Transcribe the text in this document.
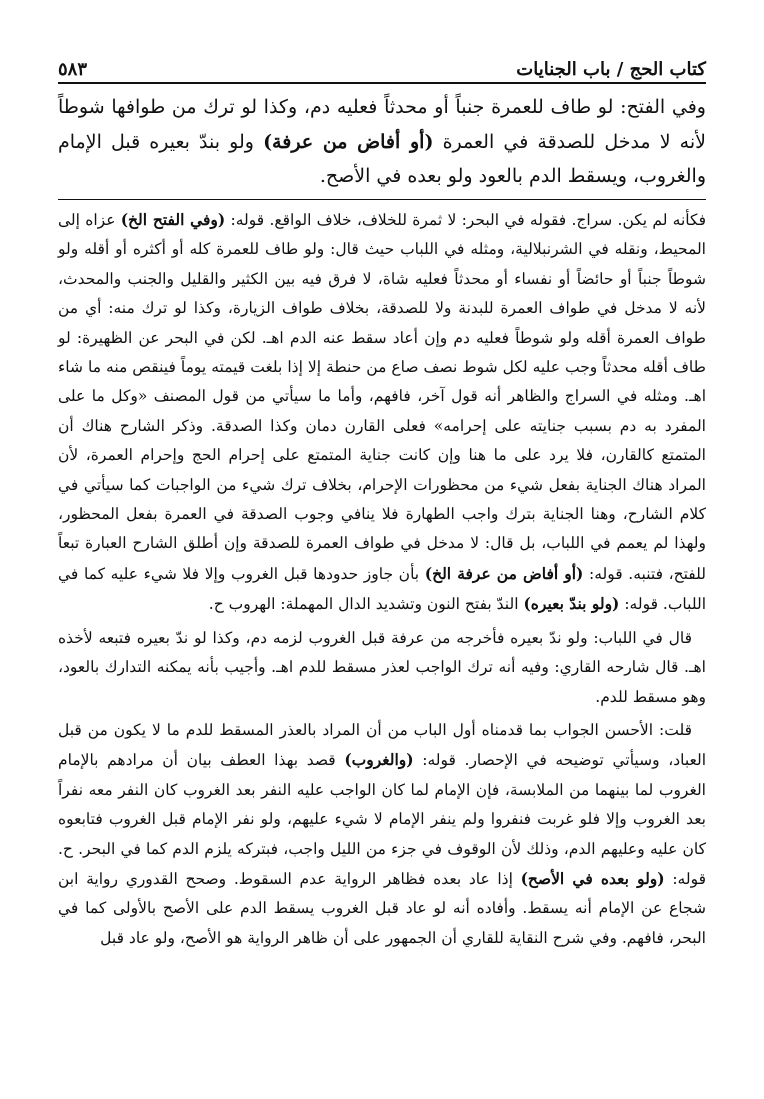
كتاب الحج / باب الجنايات
٥٨٣

وفي الفتح: لو طاف للعمرة جنباً أو محدثاً فعليه دم، وكذا لو ترك من طوافها شوطاً لأنه لا مدخل للصدقة في العمرة (أو أفاض من عرفة) ولو بندّ بعيره قبل الإمام والغروب، ويسقط الدم بالعود ولو بعده في الأصح.

فكأنه لم يكن. سراج. فقوله في البحر: لا ثمرة للخلاف، خلاف الواقع. قوله: (وفي الفتح الخ) عزاه إلى المحيط، ونقله في الشرنبلالية، ومثله في اللباب حيث قال: ولو طاف للعمرة كله أو أكثره أو أقله ولو شوطاً جنباً أو حائضاً أو نفساء أو محدثاً فعليه شاة، لا فرق فيه بين الكثير والقليل والجنب والمحدث، لأنه لا مدخل في طواف العمرة للبدنة ولا للصدقة، بخلاف طواف الزيارة، وكذا لو ترك منه: أي من طواف العمرة أقله ولو شوطاً فعليه دم وإن أعاد سقط عنه الدم اهـ. لكن في البحر عن الظهيرة: لو طاف أقله محدثاً وجب عليه لكل شوط نصف صاع من حنطة إلا إذا بلغت قيمته يوماً فينقص منه ما شاء اهـ. ومثله في السراج والظاهر أنه قول آخر، فافهم، وأما ما سيأتي من قول المصنف «وكل ما على المفرد به دم بسبب جنايته على إحرامه» فعلى القارن دمان وكذا الصدقة. وذكر الشارح هناك أن المتمتع كالقارن، فلا يرد على ما هنا وإن كانت جناية المتمتع على إحرام الحج وإحرام العمرة، لأن المراد هناك الجناية بفعل شيء من محظورات الإحرام، بخلاف ترك شيء من الواجبات كما سيأتي في كلام الشارح، وهنا الجناية بترك واجب الطهارة فلا ينافي وجوب الصدقة في العمرة بفعل المحظور، ولهذا لم يعمم في اللباب، بل قال: لا مدخل في طواف العمرة للصدقة وإن أطلق الشارح العبارة تبعاً للفتح، فتنبه. قوله: (أو أفاض من عرفة الخ) بأن جاوز حدودها قبل الغروب وإلا فلا شيء عليه كما في اللباب. قوله: (ولو بندّ بعيره) الندّ بفتح النون وتشديد الدال المهملة: الهروب ح.

قال في اللباب: ولو ندّ بعيره فأخرجه من عرفة قبل الغروب لزمه دم، وكذا لو ندّ بعيره فتبعه لأخذه اهـ. قال شارحه القاري: وفيه أنه ترك الواجب لعذر مسقط للدم اهـ. وأجيب بأنه يمكنه التدارك بالعود، وهو مسقط للدم.

قلت: الأحسن الجواب بما قدمناه أول الباب من أن المراد بالعذر المسقط للدم ما لا يكون من قبل العباد، وسيأتي توضيحه في الإحصار. قوله: (والغروب) قصد بهذا العطف بيان أن مرادهم بالإمام الغروب لما بينهما من الملابسة، فإن الإمام لما كان الواجب عليه النفر بعد الغروب كان النفر معه نفراً بعد الغروب وإلا فلو غربت فنفروا ولم ينفر الإمام لا شيء عليهم، ولو نفر الإمام قبل الغروب فتابعوه كان عليه وعليهم الدم، وذلك لأن الوقوف في جزء من الليل واجب، فبتركه يلزم الدم كما في البحر. ح. قوله: (ولو بعده في الأصح) إذا عاد بعده فظاهر الرواية عدم السقوط. وصحح القدوري رواية ابن شجاع عن الإمام أنه يسقط. وأفاده أنه لو عاد قبل الغروب يسقط الدم على الأصح بالأولى كما في البحر، فافهم. وفي شرح النقاية للقاري أن الجمهور على أن ظاهر الرواية هو الأصح، ولو عاد قبل
